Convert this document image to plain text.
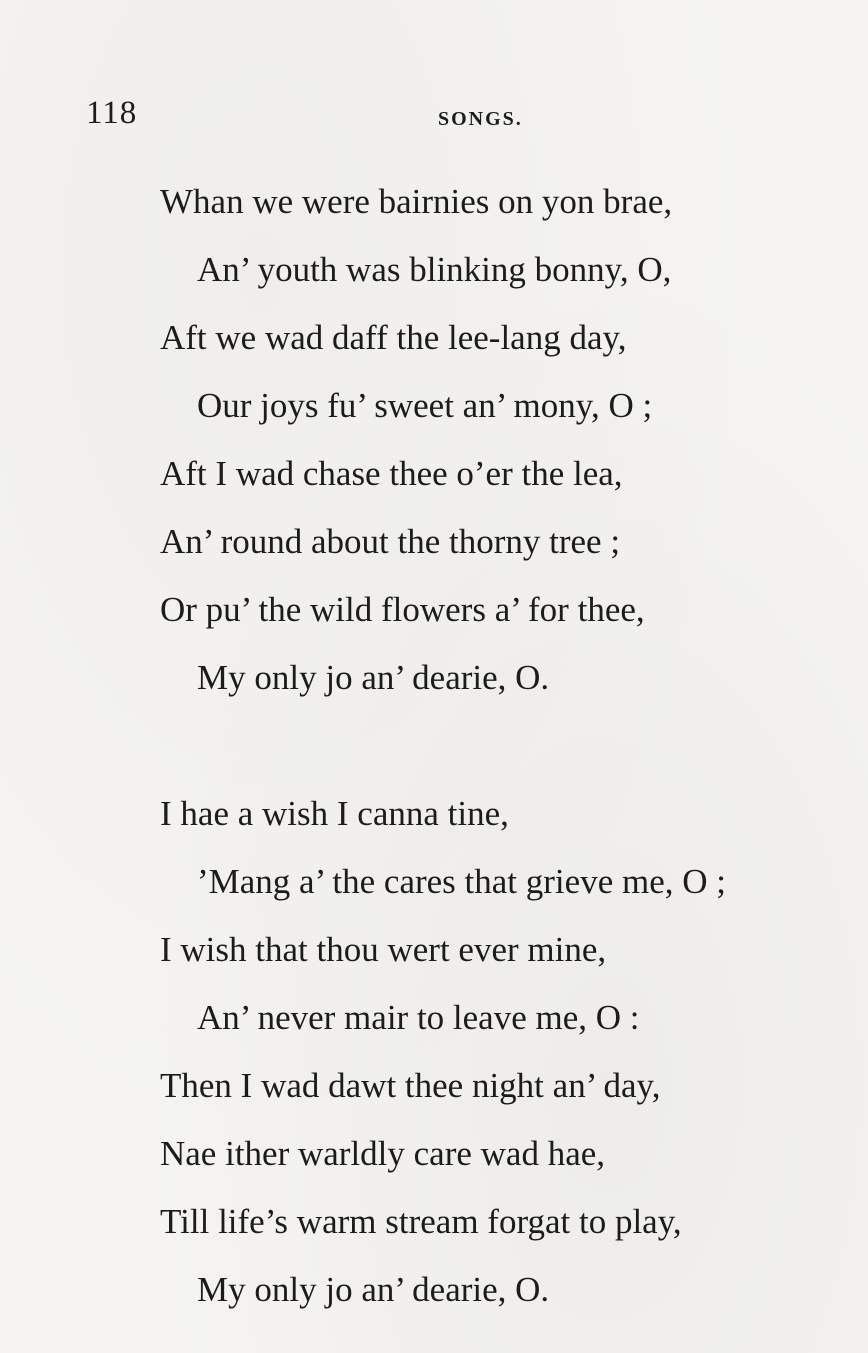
118	SONGS.
Whan we were bairnies on yon brae,
An’ youth was blinking bonny, O,
Aft we wad daff the lee-lang day,
Our joys fu’ sweet an’ mony, O ;
Aft I wad chase thee o’er the lea,
An’ round about the thorny tree ;
Or pu’ the wild flowers a’ for thee,
My only jo an’ dearie, O.
I hae a wish I canna tine,
’Mang a’ the cares that grieve me, O ;
I wish that thou wert ever mine,
An’ never mair to leave me, O :
Then I wad dawt thee night an’ day,
Nae ither warldly care wad hae,
Till life’s warm stream forgat to play,
My only jo an’ dearie, O.
